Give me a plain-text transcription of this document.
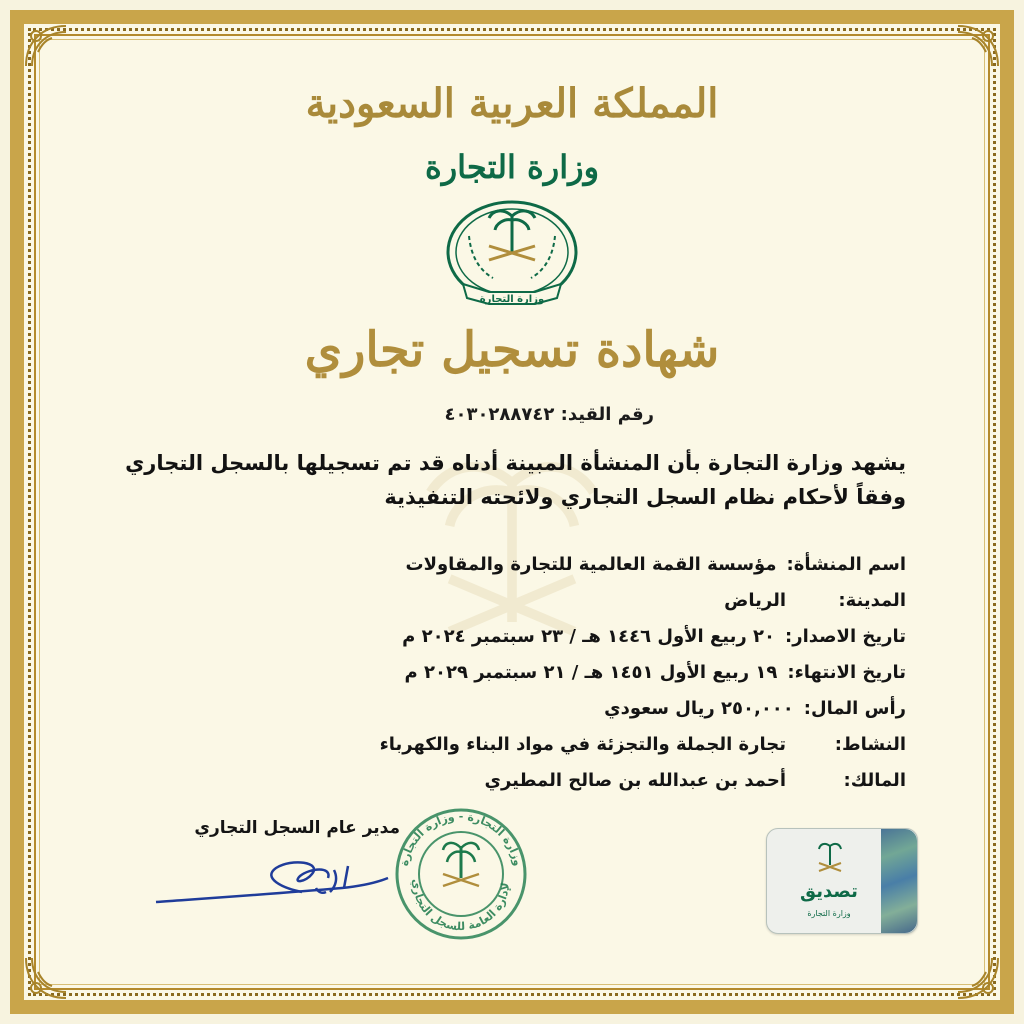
المملكة العربية السعودية
وزارة التجارة
وزارة التجارة
شهادة تسجيل تجاري
رقم القيد: ٤٠٣٠٢٨٨٧٤٢
يشهد وزارة التجارة بأن المنشأة المبينة أدناه قد تم تسجيلها بالسجل التجاري وفقاً لأحكام نظام السجل التجاري ولائحته التنفيذية
اسم المنشأة:
مؤسسة القمة العالمية للتجارة والمقاولات
المدينة:
الرياض
تاريخ الاصدار:
٢٠ ربيع الأول ١٤٤٦ هـ / ٢٣ سبتمبر ٢٠٢٤ م
تاريخ الانتهاء:
١٩ ربيع الأول ١٤٥١ هـ / ٢١ سبتمبر ٢٠٢٩ م
رأس المال:
٢٥٠,٠٠٠ ريال سعودي
النشاط:
تجارة الجملة والتجزئة في مواد البناء والكهرباء
المالك:
أحمد بن عبدالله بن صالح المطيري
مدير عام السجل التجاري
وزارة التجارة - وزارة التجارة
لإدارة العامة للسجل التجاري
تصديق
وزارة التجارة
